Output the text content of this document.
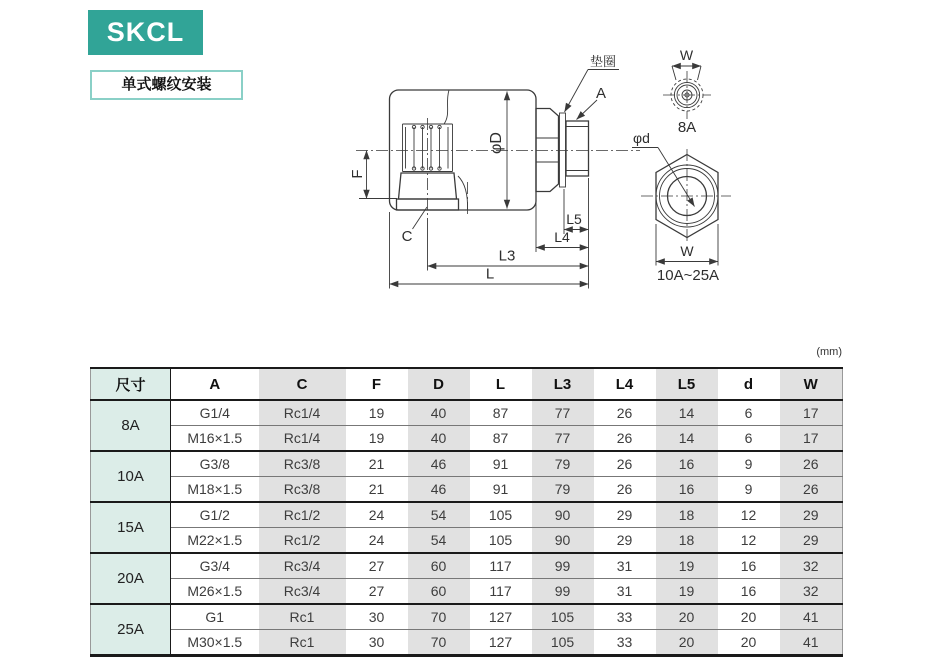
SKCL
单式螺纹安装
F
φD
垫圈
A
C
L5
L4
L3
L
W
8A
φd
W
10A~25A
(mm)
尺寸	A	C	F	D	L	L3	L4	L5	d	W
8A	G1/4	Rc1/4	19	40	87	77	26	14	6	17
	M16×1.5	Rc1/4	19	40	87	77	26	14	6	17
10A	G3/8	Rc3/8	21	46	91	79	26	16	9	26
	M18×1.5	Rc3/8	21	46	91	79	26	16	9	26
15A	G1/2	Rc1/2	24	54	105	90	29	18	12	29
	M22×1.5	Rc1/2	24	54	105	90	29	18	12	29
20A	G3/4	Rc3/4	27	60	117	99	31	19	16	32
	M26×1.5	Rc3/4	27	60	117	99	31	19	16	32
25A	G1	Rc1	30	70	127	105	33	20	20	41
	M30×1.5	Rc1	30	70	127	105	33	20	20	41
